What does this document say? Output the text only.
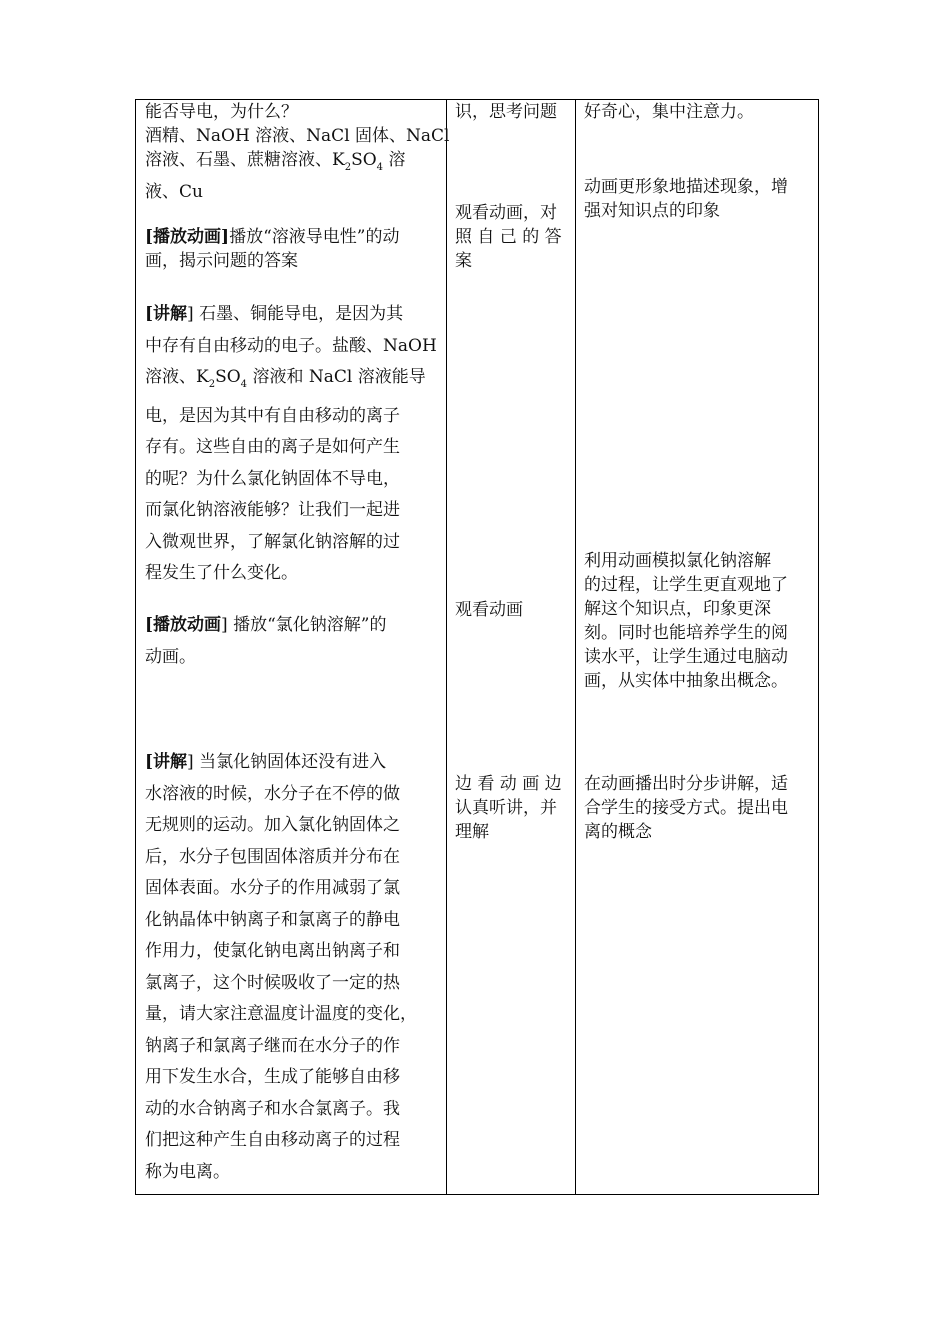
能否导电，为什么？
酒精、NaOH 溶液、NaCl 固体、NaCl
溶液、石墨、蔗糖溶液、$K_2SO_4$ 溶
液、Cu
[播放动画]播放“溶液导电性”的动
画，揭示问题的答案
[讲解] 石墨、铜能导电，是因为其
中存有自由移动的电子。盐酸、NaOH
溶液、$K_2SO_4$ 溶液和 NaCl 溶液能导
电，是因为其中有自由移动的离子
存有。这些自由的离子是如何产生
的呢？为什么氯化钠固体不导电，
而氯化钠溶液能够？让我们一起进
入微观世界，了解氯化钠溶解的过
程发生了什么变化。
[播放动画] 播放“氯化钠溶解”的
动画。
[讲解] 当氯化钠固体还没有进入
水溶液的时候，水分子在不停的做
无规则的运动。加入氯化钠固体之
后，水分子包围固体溶质并分布在
固体表面。水分子的作用减弱了氯
化钠晶体中钠离子和氯离子的静电
作用力，使氯化钠电离出钠离子和
氯离子，这个时候吸收了一定的热
量，请大家注意温度计温度的变化，
钠离子和氯离子继而在水分子的作
用下发生水合，生成了能够自由移
动的水合钠离子和水合氯离子。我
们把这种产生自由移动离子的过程
称为电离。
识，思考问题
观看动画，对
照 自 己 的 答
案
观看动画
边 看 动 画 边
认真听讲，并
理解
好奇心，集中注意力。
动画更形象地描述现象，增
强对知识点的印象
利用动画模拟氯化钠溶解
的过程，让学生更直观地了
解这个知识点，印象更深
刻。同时也能培养学生的阅
读水平，让学生通过电脑动
画，从实体中抽象出概念。
在动画播出时分步讲解，适
合学生的接受方式。提出电
离的概念
